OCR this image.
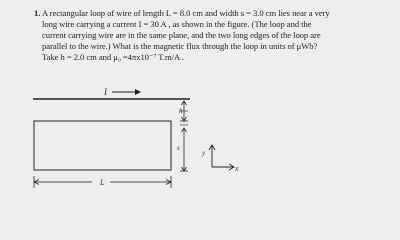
1. A rectangular loop of wire of length L = 8.0 cm and width s = 3.0 cm lies near a very
long wire carrying a current I = 30 A , as shown in the figure. (The loop and the
current carrying wire are in the same plane, and the two long edges of the loop are
parallel to the wire.) What is the magnetic flux through the loop in units of μWb?
Take h = 2.0 cm and μ₀ =4πx10⁻⁷ T.m/A .
I
h
s
L
y
x
